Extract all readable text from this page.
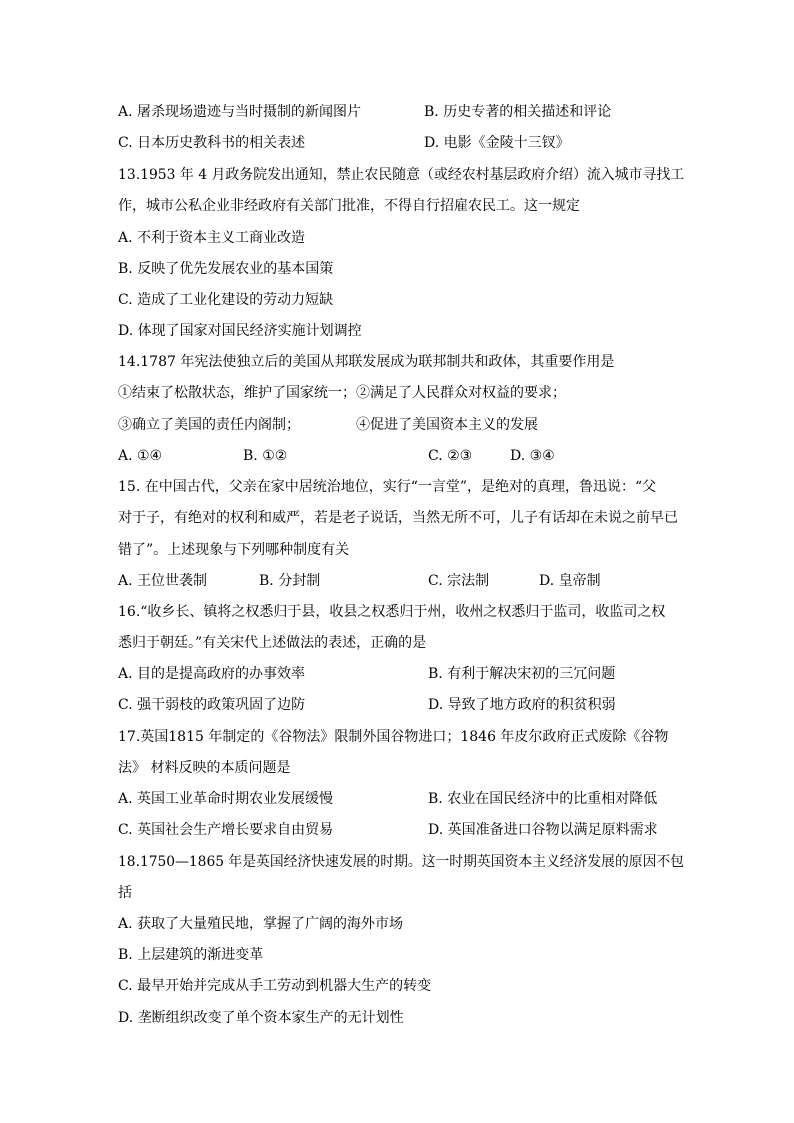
A. 屠杀现场遗迹与当时摄制的新闻图片	B. 历史专著的相关描述和评论
C. 日本历史教科书的相关表述	D. 电影《金陵十三钗》
13.1953 年 4 月政务院发出通知，禁止农民随意（或经农村基层政府介绍）流入城市寻找工
作，城市公私企业非经政府有关部门批准，不得自行招雇农民工。这一规定
A. 不利于资本主义工商业改造
B. 反映了优先发展农业的基本国策
C. 造成了工业化建设的劳动力短缺
D. 体现了国家对国民经济实施计划调控
14.1787 年宪法使独立后的美国从邦联发展成为联邦制共和政体，其重要作用是
①结束了松散状态，维护了国家统一；②满足了人民群众对权益的要求；
③确立了美国的责任内阁制；	④促进了美国资本主义的发展
A. ①④	B. ①②	C. ②③	D. ③④
15. 在中国古代，父亲在家中居统治地位，实行“一言堂”，是绝对的真理，鲁迅说：“父
对于子，有绝对的权利和威严，若是老子说话，当然无所不可，儿子有话却在未说之前早已
错了”。上述现象与下列哪种制度有关
A. 王位世袭制	B. 分封制	C. 宗法制	D. 皇帝制
16.“收乡长、镇将之权悉归于县，收县之权悉归于州，收州之权悉归于监司，收监司之权
悉归于朝廷。”有关宋代上述做法的表述，正确的是
A. 目的是提高政府的办事效率	B. 有利于解决宋初的三冗问题
C. 强干弱枝的政策巩固了边防	D. 导致了地方政府的积贫积弱
17.英国1815 年制定的《谷物法》限制外国谷物进口；1846 年皮尔政府正式废除《谷物
法》 材料反映的本质问题是
A. 英国工业革命时期农业发展缓慢	B. 农业在国民经济中的比重相对降低
C. 英国社会生产增长要求自由贸易	D. 英国准备进口谷物以满足原料需求
18.1750—1865 年是英国经济快速发展的时期。这一时期英国资本主义经济发展的原因不包
括
A. 获取了大量殖民地，掌握了广阔的海外市场
B. 上层建筑的渐进变革
C. 最早开始并完成从手工劳动到机器大生产的转变
D. 垄断组织改变了单个资本家生产的无计划性
